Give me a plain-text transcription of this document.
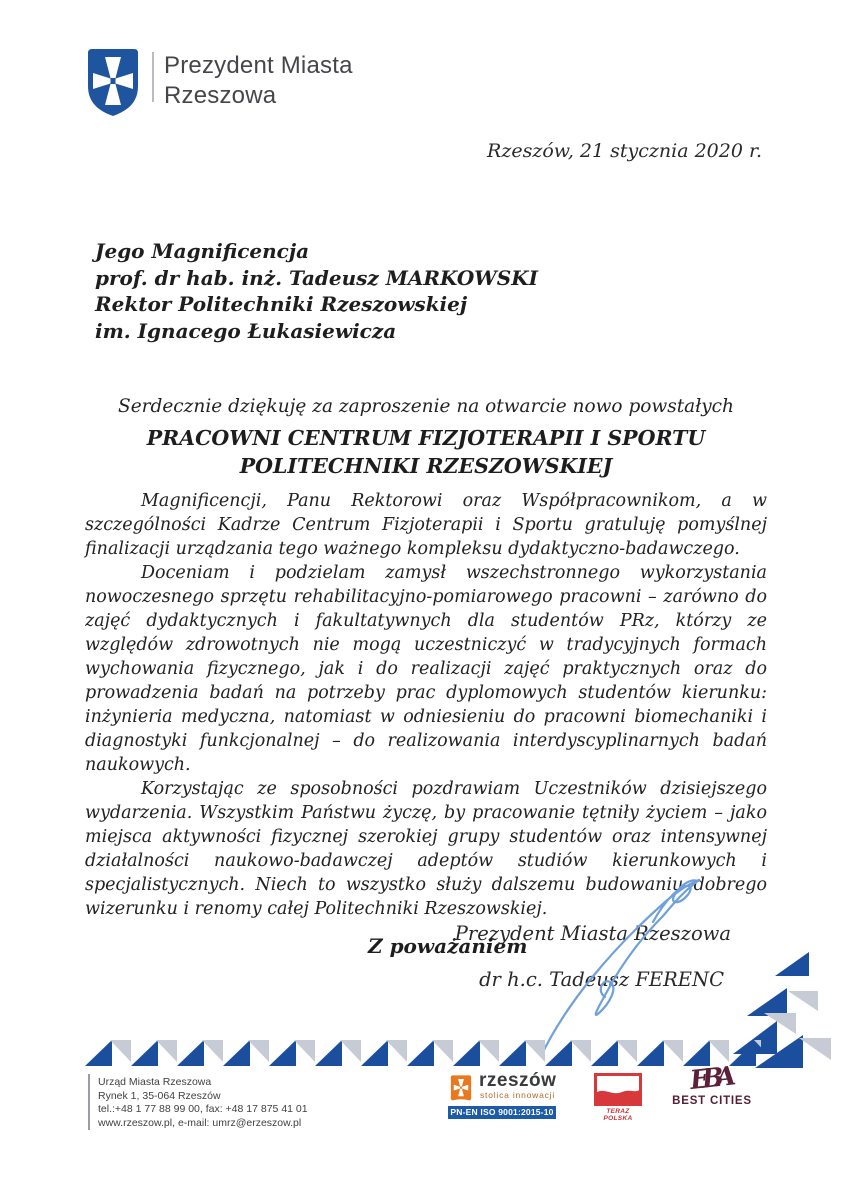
Prezydent Miasta
Rzeszowa
Rzeszów, 21 stycznia 2020 r.
Jego Magnificencja
prof. dr hab. inż. Tadeusz MARKOWSKI
Rektor Politechniki Rzeszowskiej
im. Ignacego Łukasiewicza

Serdecznie dziękuję za zaproszenie na otwarcie nowo powstałych

PRACOWNI CENTRUM FIZJOTERAPII I SPORTU
POLITECHNIKI RZESZOWSKIEJ

Magnificencji, Panu Rektorowi oraz Współpracownikom, a w szczególności Kadrze Centrum Fizjoterapii i Sportu gratuluję pomyślnej finalizacji urządzania tego ważnego kompleksu dydaktyczno-badawczego.

Doceniam i podzielam zamysł wszechstronnego wykorzystania nowoczesnego sprzętu rehabilitacyjno-pomiarowego pracowni – zarówno do zajęć dydaktycznych i fakultatywnych dla studentów PRz, którzy ze względów zdrowotnych nie mogą uczestniczyć w tradycyjnych formach wychowania fizycznego, jak i do realizacji zajęć praktycznych oraz do prowadzenia badań na potrzeby prac dyplomowych studentów kierunku: inżynieria medyczna, natomiast w odniesieniu do pracowni biomechaniki i diagnostyki funkcjonalnej – do realizowania interdyscyplinarnych badań naukowych.

Korzystając ze sposobności pozdrawiam Uczestników dzisiejszego wydarzenia. Wszystkim Państwu życzę, by pracowanie tętniły życiem – jako miejsca aktywności fizycznej szerokiej grupy studentów oraz intensywnej działalności naukowo-badawczej adeptów studiów kierunkowych i specjalistycznych. Niech to wszystko służy dalszemu budowaniu dobrego wizerunku i renomy całej Politechniki Rzeszowskiej.

Z poważaniem
Prezydent Miasta Rzeszowa
dr h.c. Tadeusz FERENC
Urząd Miasta Rzeszowa
Rynek 1, 35-064 Rzeszów
tel.:+48 1 77 88 99 00, fax: +48 17 875 41 01
www.rzeszow.pl, e-mail: umrz@erzeszow.pl
rzeszów
stolica innowacji
PN-EN ISO 9001:2015-10	TERAZ POLSKA
EBA
BEST CITIES
